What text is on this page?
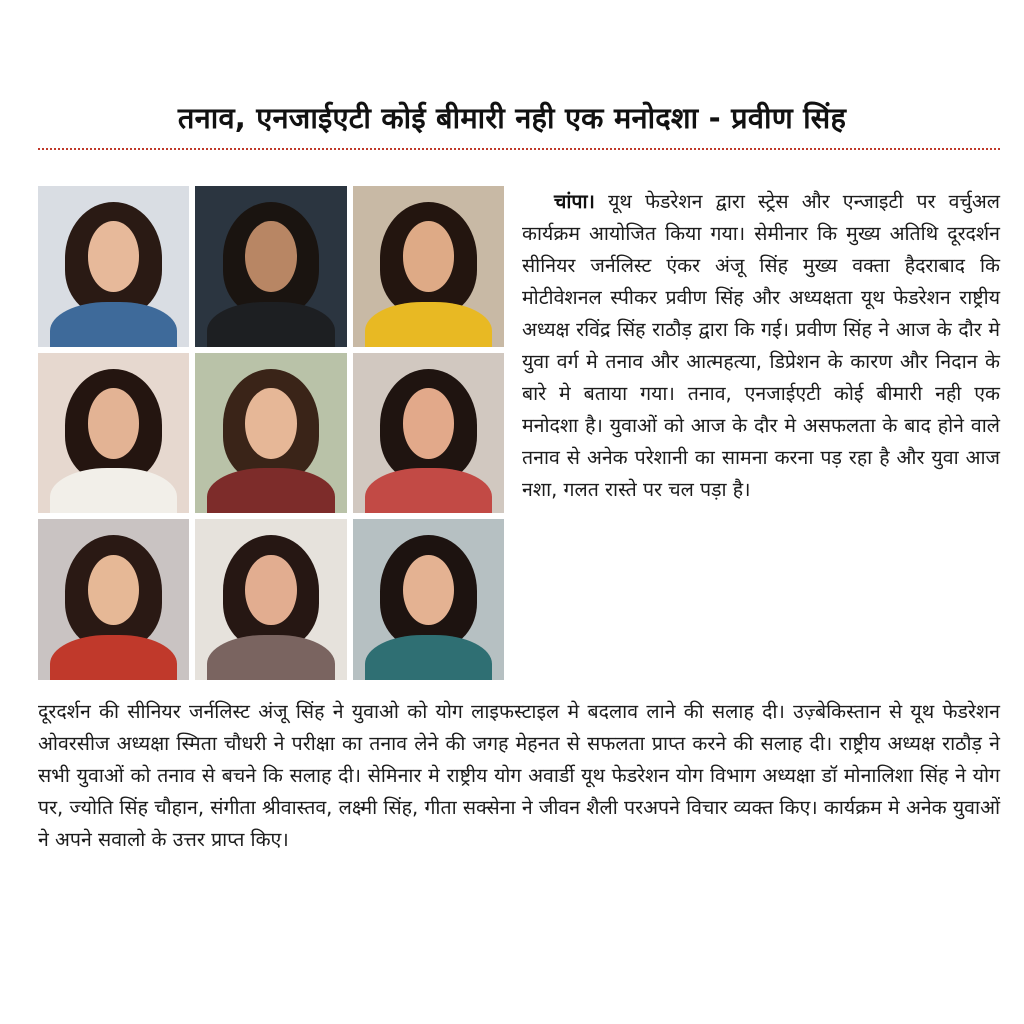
तनाव, एनजाईएटी कोई बीमारी नही एक मनोदशा - प्रवीण सिंह
चांपा। यूथ फेडरेशन द्वारा स्ट्रेस और एन्जाइटी पर वर्चुअल कार्यक्रम आयोजित किया गया। सेमीनार कि मुख्य अतिथि दूरदर्शन सीनियर जर्नलिस्ट एंकर अंजू सिंह मुख्य वक्ता हैदराबाद कि मोटीवेशनल स्पीकर प्रवीण सिंह और अध्यक्षता यूथ फेडरेशन राष्ट्रीय अध्यक्ष रविंद्र सिंह राठौड़ द्वारा कि गई। प्रवीण सिंह ने आज के दौर मे युवा वर्ग मे तनाव और आत्महत्या, डिप्रेशन के कारण और निदान के बारे मे बताया गया। तनाव, एनजाईएटी कोई बीमारी नही एक मनोदशा है। युवाओं को आज के दौर मे असफलता के बाद होने वाले तनाव से अनेक परेशानी का सामना करना पड़ रहा है और युवा आज नशा, गलत रास्ते पर चल पड़ा है।
दूरदर्शन की सीनियर जर्नलिस्ट अंजू सिंह ने युवाओ को योग लाइफस्टाइल मे बदलाव लाने की सलाह दी। उज़्बेकिस्तान से यूथ फेडरेशन ओवरसीज अध्यक्षा स्मिता चौधरी ने परीक्षा का तनाव लेने की जगह मेहनत से सफलता प्राप्त करने की सलाह दी। राष्ट्रीय अध्यक्ष राठौड़ ने सभी युवाओं को तनाव से बचने कि सलाह दी। सेमिनार मे राष्ट्रीय योग अवार्डी यूथ फेडरेशन योग विभाग अध्यक्षा डॉ मोनालिशा सिंह ने योग पर, ज्योति सिंह चौहान, संगीता श्रीवास्तव, लक्ष्मी सिंह, गीता सक्सेना ने जीवन शैली परअपने विचार व्यक्त किए। कार्यक्रम मे अनेक युवाओं ने अपने सवालो के उत्तर प्राप्त किए।
